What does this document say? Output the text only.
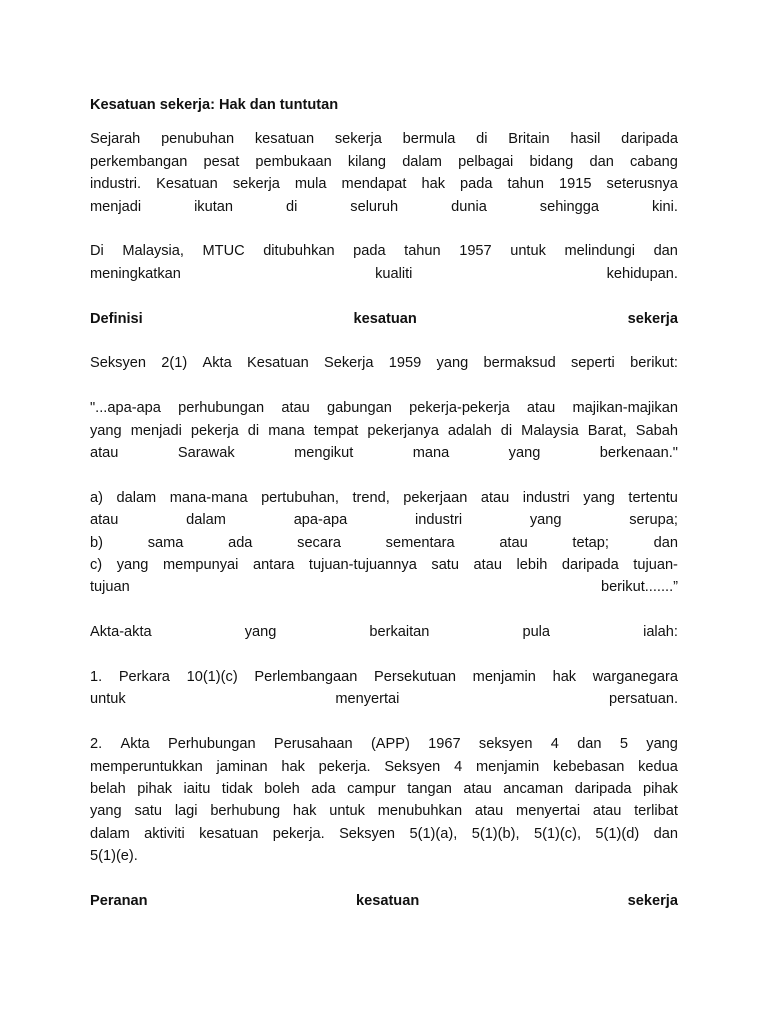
Kesatuan sekerja: Hak dan tuntutan
Sejarah penubuhan kesatuan sekerja bermula di Britain hasil daripada
perkembangan pesat pembukaan kilang dalam pelbagai bidang dan cabang
industri. Kesatuan sekerja mula mendapat hak pada tahun 1915 seterusnya
menjadi	ikutan	di	seluruh	dunia	sehingga	kini.
Di Malaysia, MTUC ditubuhkan pada tahun 1957 untuk melindungi dan
meningkatkan	kualiti	kehidupan.
Definisi	kesatuan	sekerja
Seksyen 2(1) Akta Kesatuan Sekerja 1959 yang bermaksud seperti berikut:
"...apa-apa perhubungan atau gabungan pekerja-pekerja atau majikan-majikan
yang menjadi pekerja di mana tempat pekerjanya adalah di Malaysia Barat, Sabah
atau	Sarawak	mengikut	mana	yang	berkenaan."
a) dalam mana-mana pertubuhan, trend, pekerjaan atau industri yang tertentu
atau	dalam	apa-apa	industri	yang	serupa;
b)	sama	ada	secara	sementara	atau	tetap;	dan
c) yang mempunyai antara tujuan-tujuannya satu atau lebih daripada tujuan-
tujuan	berikut.......”
Akta-akta	yang	berkaitan	pula	ialah:
1. Perkara 10(1)(c) Perlembangaan Persekutuan menjamin hak warganegara
untuk	menyertai	persatuan.
2. Akta Perhubungan Perusahaan (APP) 1967 seksyen 4 dan 5 yang
memperuntukkan jaminan hak pekerja. Seksyen 4 menjamin kebebasan kedua
belah pihak iaitu tidak boleh ada campur tangan atau ancaman daripada pihak
yang satu lagi berhubung hak untuk menubuhkan atau menyertai atau terlibat
dalam aktiviti kesatuan pekerja. Seksyen 5(1)(a), 5(1)(b), 5(1)(c), 5(1)(d) dan
5(1)(e).
Peranan	kesatuan	sekerja
